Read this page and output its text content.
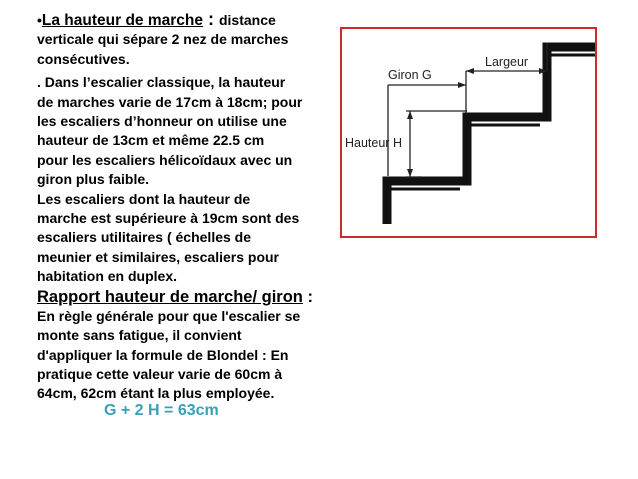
•La hauteur de marche : distance

verticale qui sépare 2 nez de marches

consécutives.

. Dans l’escalier classique, la hauteur

de marches varie de 17cm à 18cm; pour

les escaliers d’honneur on utilise une

hauteur de 13cm et même 22.5 cm

pour les escaliers hélicoïdaux avec un

giron plus faible.

Les escaliers dont la hauteur de

marche est supérieure à 19cm sont des

escaliers utilitaires ( échelles de

meunier et similaires, escaliers pour

habitation en duplex.

Rapport hauteur de marche/ giron :

En règle générale pour que l'escalier se

monte sans fatigue, il convient

d'appliquer la formule de Blondel : En

pratique cette valeur varie de 60cm à

64cm, 62cm étant la plus employée.

G + 2 H = 63cm
Giron G
Largeur
Hauteur H
